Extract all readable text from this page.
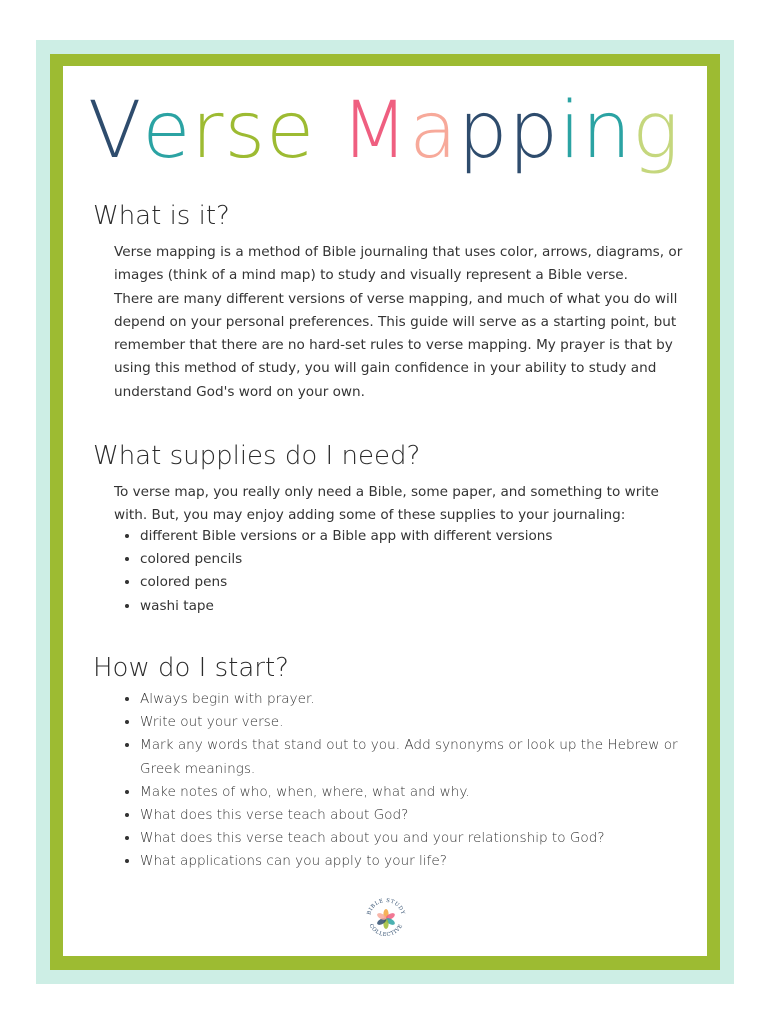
Verse Mapping
What is it?

Verse mapping is a method of Bible journaling that uses color, arrows, diagrams, or images (think of a mind map) to study and visually represent a Bible verse.

There are many different versions of verse mapping, and much of what you do will depend on your personal preferences. This guide will serve as a starting point, but remember that there are no hard-set rules to verse mapping. My prayer is that by using this method of study, you will gain confidence in your ability to study and understand God's word on your own.

What supplies do I need?

To verse map, you really only need a Bible, some paper, and something to write with. But, you may enjoy adding some of these supplies to your journaling:

• different Bible versions or a Bible app with different versions
• colored pencils
• colored pens
• washi tape
How do I start?
• Always begin with prayer.
• Write out your verse.
• Mark any words that stand out to you. Add synonyms or look up the Hebrew or Greek meanings.
• Make notes of who, when, where, what and why.
• What does this verse teach about God?
• What does this verse teach about you and your relationship to God?
• What applications can you apply to your life?
BIBLE STUDY
COLLECTIVE
